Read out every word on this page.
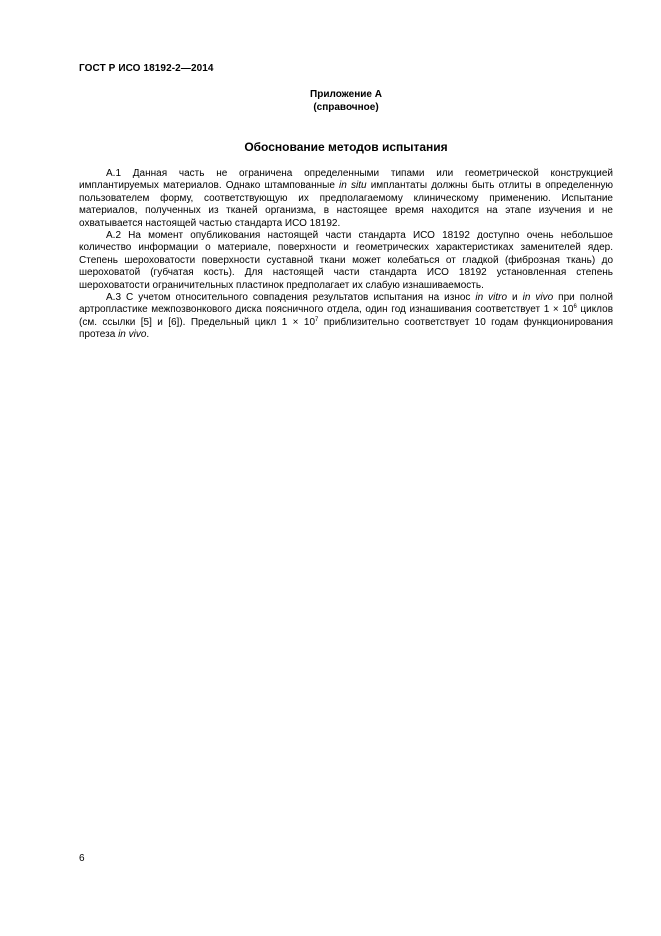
ГОСТ Р ИСО 18192-2—2014
Приложение А
(справочное)
Обоснование методов испытания

А.1 Данная часть не ограничена определенными типами или геометрической конструкцией имплантируемых материалов. Однако штампованные in situ имплантаты должны быть отлиты в определенную пользователем форму, соответствующую их предполагаемому клиническому применению. Испытание материалов, полученных из тканей организма, в настоящее время находится на этапе изучения и не охватывается настоящей частью стандарта ИСО 18192.

А.2 На момент опубликования настоящей части стандарта ИСО 18192 доступно очень небольшое количество информации о материале, поверхности и геометрических характеристиках заменителей ядер. Степень шероховатости поверхности суставной ткани может колебаться от гладкой (фиброзная ткань) до шероховатой (губчатая кость). Для настоящей части стандарта ИСО 18192 установленная степень шероховатости ограничительных пластинок предполагает их слабую изнашиваемость.

А.3 С учетом относительного совпадения результатов испытания на износ in vitro и in vivo при полной артропластике межпозвонкового диска поясничного отдела, один год изнашивания соответствует $1 \times 10^6$ циклов (см. ссылки [5] и [6]). Предельный цикл $1 \times 10^7$ приблизительно соответствует 10 годам функционирования протеза in vivo.

6
